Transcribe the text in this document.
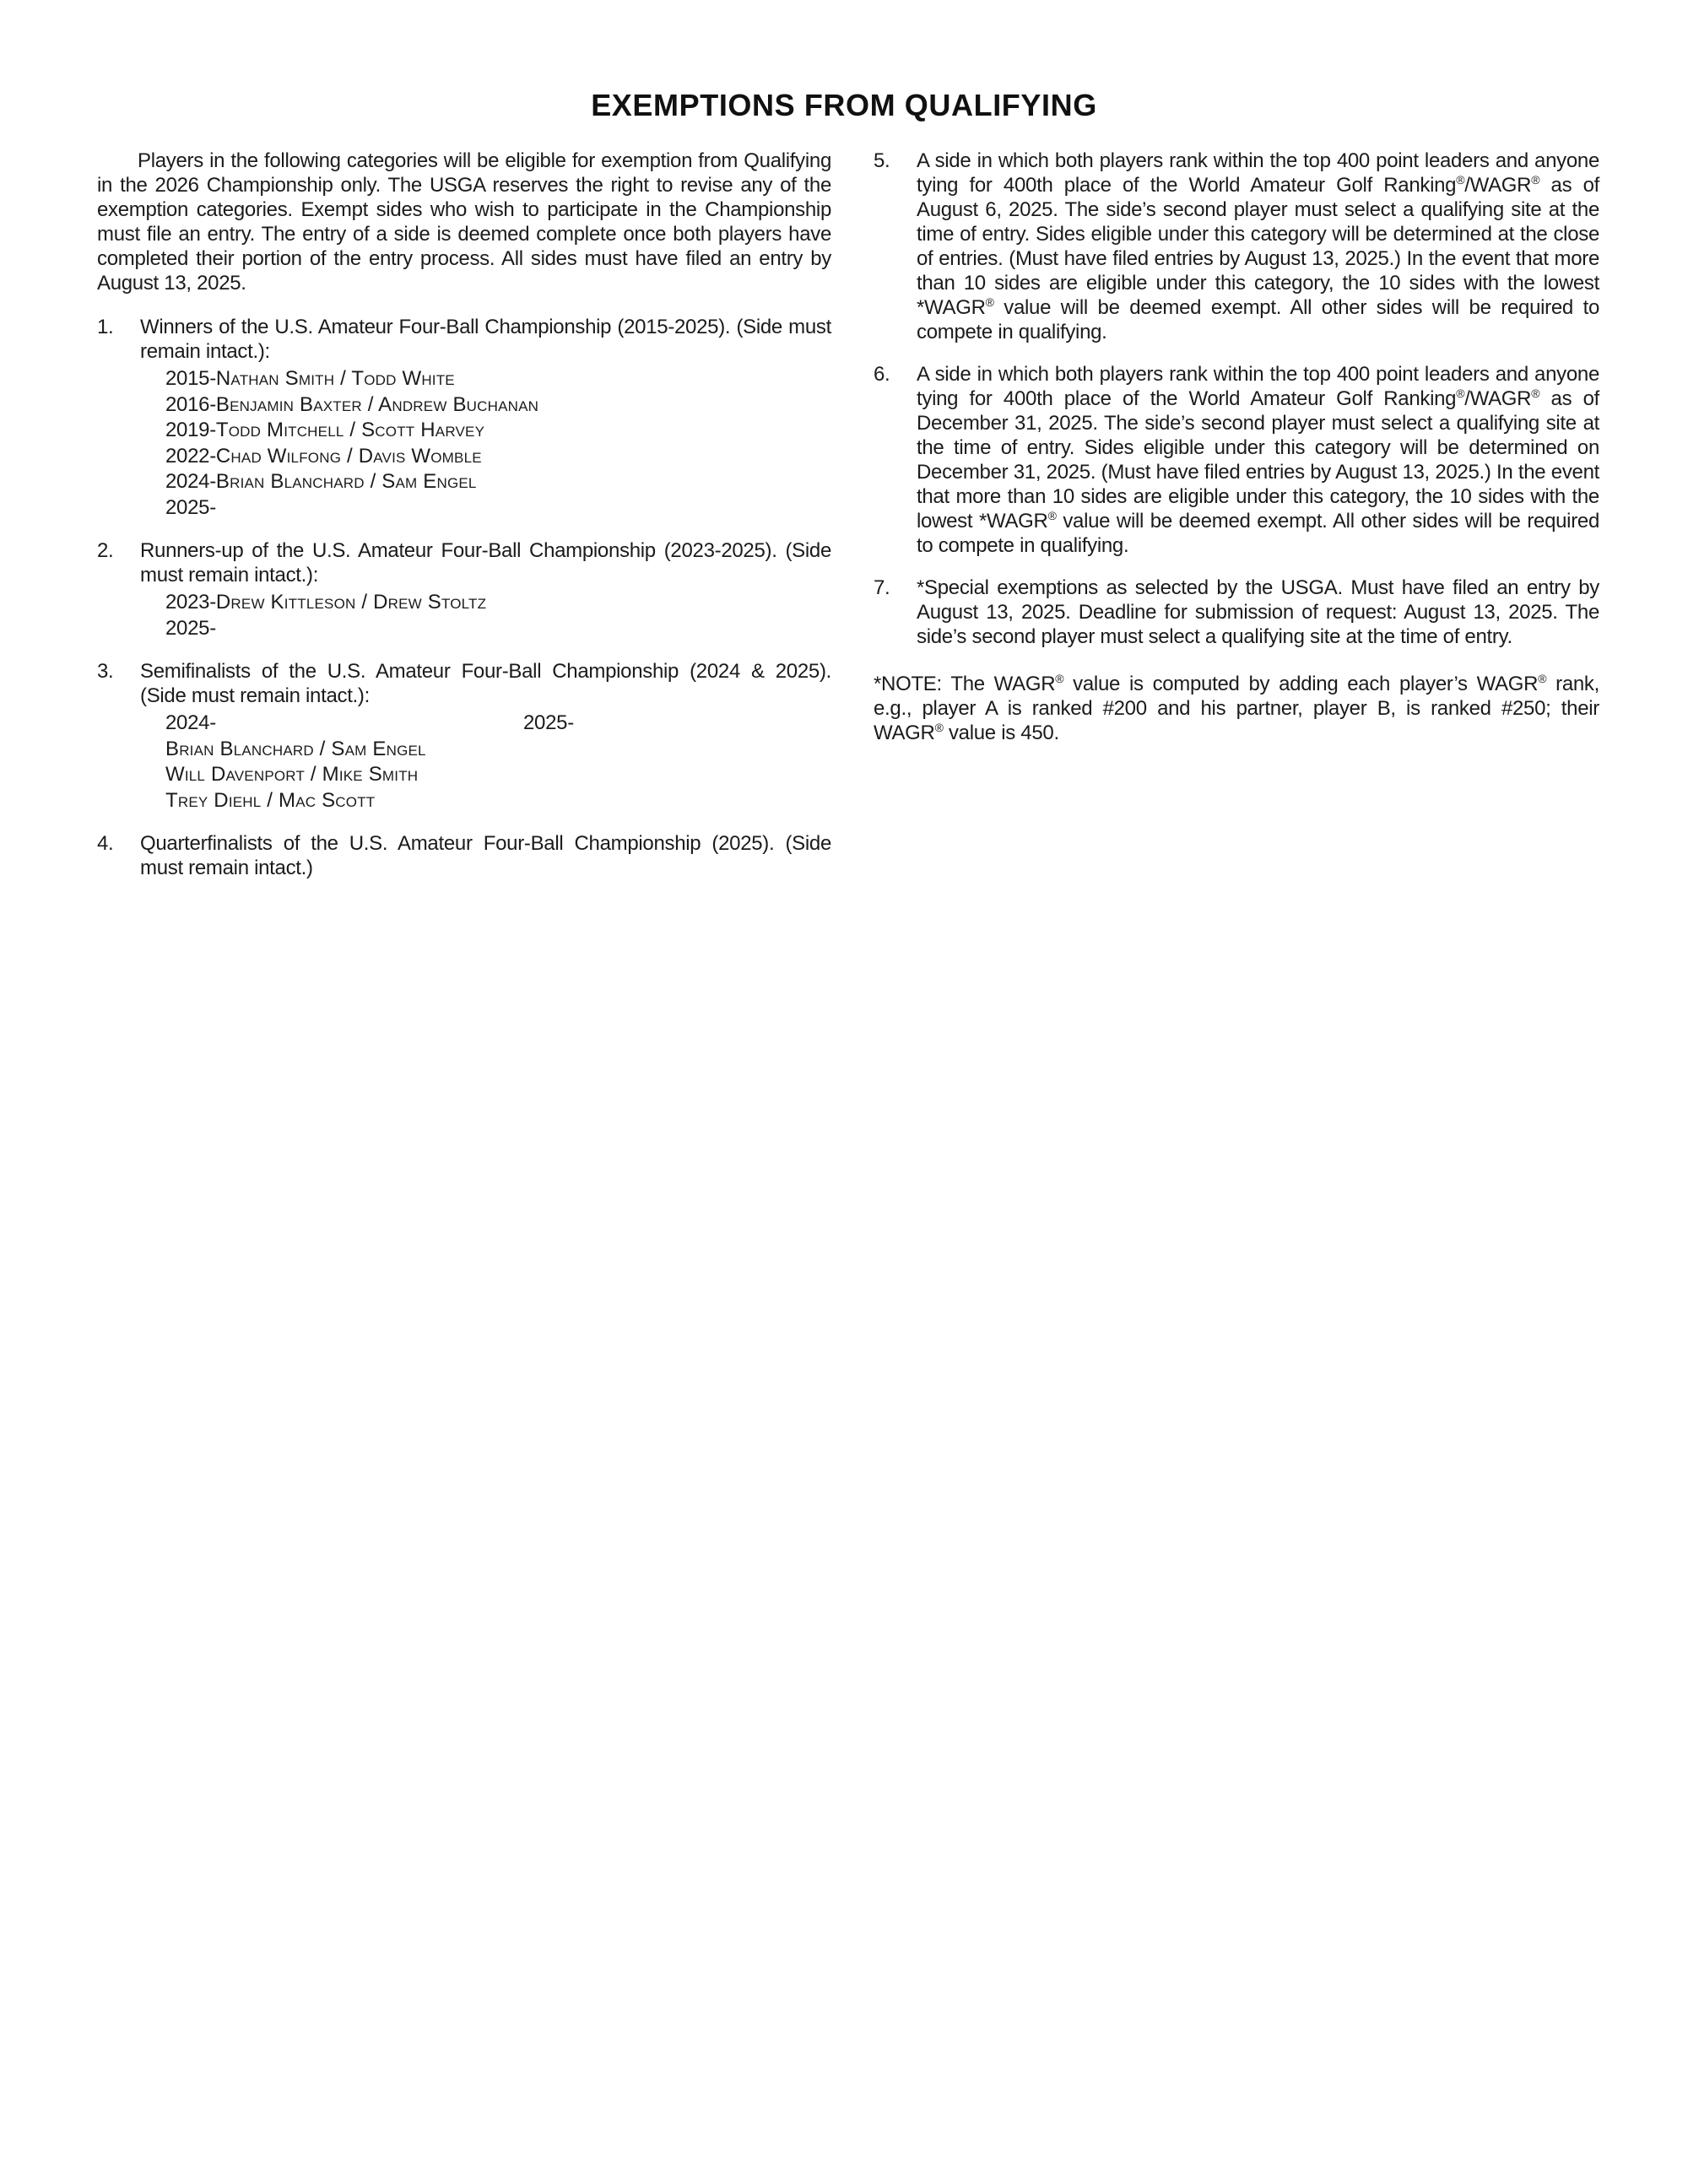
EXEMPTIONS FROM QUALIFYING

Players in the following categories will be eligible for exemption from Qualifying in the 2026 Championship only. The USGA reserves the right to revise any of the exemption categories. Exempt sides who wish to participate in the Championship must file an entry. The entry of a side is deemed complete once both players have completed their portion of the entry process. All sides must have filed an entry by August 13, 2025.

1.	Winners of the U.S. Amateur Four-Ball Championship (2015-2025). (Side must remain intact.):

2015-Nathan Smith / Todd White
2016-Benjamin Baxter / Andrew Buchanan
2019-Todd Mitchell / Scott Harvey
2022-Chad Wilfong / Davis Womble
2024-Brian Blanchard / Sam Engel
2025-
2.	Runners-up of the U.S. Amateur Four-Ball Championship (2023-2025). (Side must remain intact.):

2023-Drew Kittleson / Drew Stoltz
2025-
3.	Semifinalists of the U.S. Amateur Four-Ball Championship (2024 & 2025). (Side must remain intact.):

2024-	2025-
Brian Blanchard / Sam Engel
Will Davenport / Mike Smith
Trey Diehl / Mac Scott
4.	Quarterfinalists of the U.S. Amateur Four-Ball Championship (2025). (Side must remain intact.)

5.	A side in which both players rank within the top 400 point leaders and anyone tying for 400th place of the World Amateur Golf Ranking®/WAGR® as of August 6, 2025. The side’s second player must select a qualifying site at the time of entry. Sides eligible under this category will be determined at the close of entries. (Must have filed entries by August 13, 2025.) In the event that more than 10 sides are eligible under this category, the 10 sides with the lowest *WAGR® value will be deemed exempt. All other sides will be required to compete in qualifying.

6.	A side in which both players rank within the top 400 point leaders and anyone tying for 400th place of the World Amateur Golf Ranking®/WAGR® as of December 31, 2025. The side’s second player must select a qualifying site at the time of entry. Sides eligible under this category will be determined on December 31, 2025. (Must have filed entries by August 13, 2025.) In the event that more than 10 sides are eligible under this category, the 10 sides with the lowest *WAGR® value will be deemed exempt. All other sides will be required to compete in qualifying.

7.	*Special exemptions as selected by the USGA. Must have filed an entry by August 13, 2025. Deadline for submission of request: August 13, 2025. The side’s second player must select a qualifying site at the time of entry.

*NOTE: The WAGR® value is computed by adding each player’s WAGR® rank, e.g., player A is ranked #200 and his partner, player B, is ranked #250; their WAGR® value is 450.
